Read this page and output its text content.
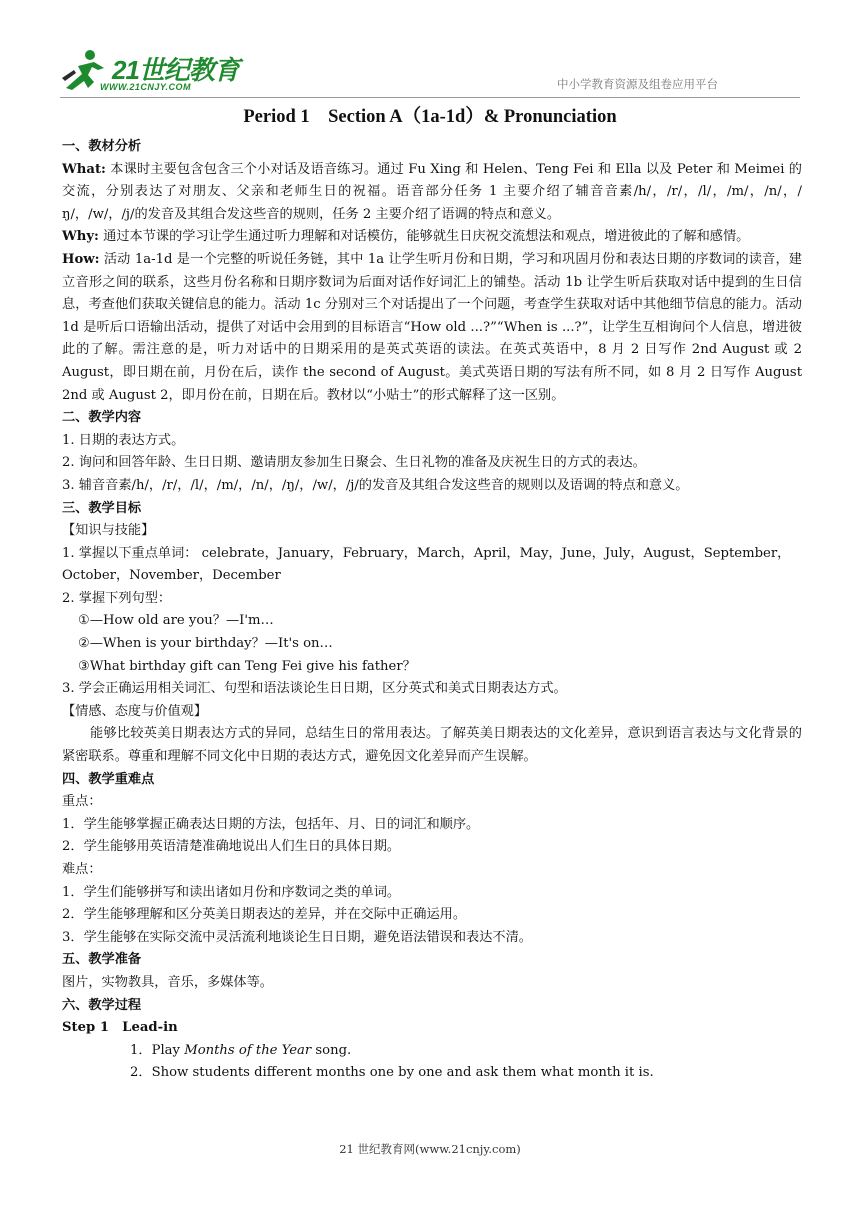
21世纪教育
WWW.21CNJY.COM	中小学教育资源及组卷应用平台
Period 1　Section A（1a-1d）& Pronunciation

一、教材分析

What: 本课时主要包含包含三个小对话及语音练习。通过 Fu Xing 和 Helen、Teng Fei 和 Ella 以及 Peter 和 Meimei 的交流，分别表达了对朋友、父亲和老师生日的祝福。语音部分任务 1 主要介绍了辅音音素/h/，/r/，/l/，/m/，/n/，/ŋ/，/w/，/j/的发音及其组合发这些音的规则，任务 2 主要介绍了语调的特点和意义。

Why: 通过本节课的学习让学生通过听力理解和对话模仿，能够就生日庆祝交流想法和观点，增进彼此的了解和感情。

How: 活动 1a-1d 是一个完整的听说任务链，其中 1a 让学生听月份和日期，学习和巩固月份和表达日期的序数词的读音，建立音形之间的联系，这些月份名称和日期序数词为后面对话作好词汇上的铺垫。活动 1b 让学生听后获取对话中提到的生日信息，考查他们获取关键信息的能力。活动 1c 分别对三个对话提出了一个问题，考查学生获取对话中其他细节信息的能力。活动 1d 是听后口语输出活动，提供了对话中会用到的目标语言“How old ...?”“When is ...?”，让学生互相询问个人信息，增进彼此的了解。需注意的是，听力对话中的日期采用的是英式英语的读法。在英式英语中，8 月 2 日写作 2nd August 或 2 August，即日期在前，月份在后，读作 the second of August。美式英语日期的写法有所不同，如 8 月 2 日写作 August 2nd 或 August 2，即月份在前，日期在后。教材以“小贴士”的形式解释了这一区别。

二、教学内容

1. 日期的表达方式。

2. 询问和回答年龄、生日日期、邀请朋友参加生日聚会、生日礼物的准备及庆祝生日的方式的表达。

3. 辅音音素/h/，/r/，/l/，/m/，/n/，/ŋ/，/w/，/j/的发音及其组合发这些音的规则以及语调的特点和意义。

三、教学目标

【知识与技能】

1. 掌握以下重点单词： celebrate，January，February，March，April，May，June，July，August，September，October，November，December

2. 掌握下列句型：

①—How old are you？—I'm…

②—When is your birthday？—It's on…

③What birthday gift can Teng Fei give his father？

3. 学会正确运用相关词汇、句型和语法谈论生日日期，区分英式和美式日期表达方式。

【情感、态度与价值观】

能够比较英美日期表达方式的异同，总结生日的常用表达。了解英美日期表达的文化差异，意识到语言表达与文化背景的紧密联系。尊重和理解不同文化中日期的表达方式，避免因文化差异而产生误解。

四、教学重难点

重点：

1．学生能够掌握正确表达日期的方法，包括年、月、日的词汇和顺序。

2．学生能够用英语清楚准确地说出人们生日的具体日期。

难点：

1．学生们能够拼写和读出诸如月份和序数词之类的单词。

2．学生能够理解和区分英美日期表达的差异，并在交际中正确运用。

3．学生能够在实际交流中灵活流利地谈论生日日期，避免语法错误和表达不清。

五、教学准备

图片，实物教具，音乐，多媒体等。

六、教学过程

Step 1　Lead-in

1．Play Months of the Year song.

2．Show students different months one by one and ask them what month it is.

21 世纪教育网(www.21cnjy.com)
